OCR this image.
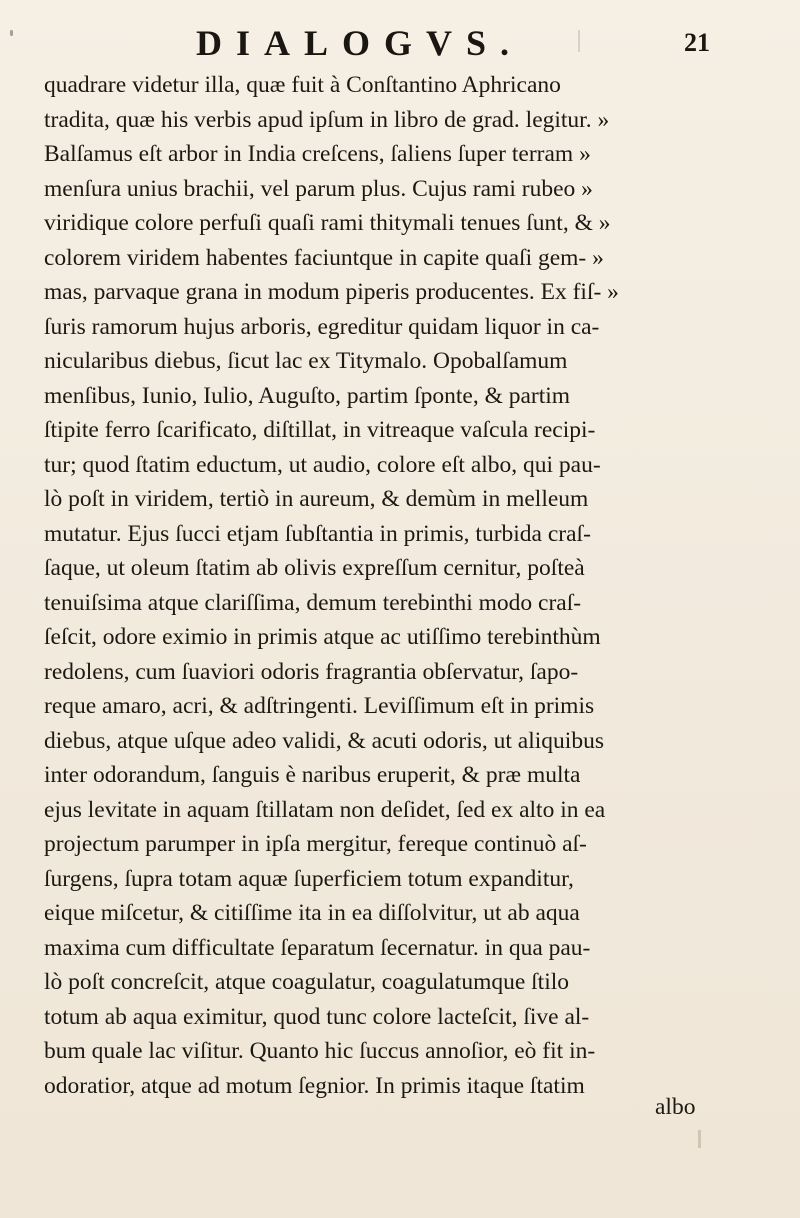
DIALOGVS.	21
quadrare videtur illa, quæ fuit à Conſtantino Aphricano
tradita, quæ his verbis apud ipſum in libro de grad. legitur. »
Balſamus eſt arbor in India creſcens, ſaliens ſuper terram »
menſura unius brachii, vel parum plus. Cujus rami rubeo »
viridique colore perfuſi quaſi rami thitymali tenues ſunt, & »
colorem viridem habentes faciuntque in capite quaſi gem- »
mas, parvaque grana in modum piperis producentes. Ex fiſ- »
ſuris ramorum hujus arboris, egreditur quidam liquor in ca-
nicularibus diebus, ſicut lac ex Titymalo. Opobalſamum
menſibus, Iunio, Iulio, Auguſto, partim ſponte, & partim
ſtipite ferro ſcarificato, diſtillat, in vitreaque vaſcula recipi-
tur; quod ſtatim eductum, ut audio, colore eſt albo, qui pau-
lò poſt in viridem, tertiò in aureum, & demùm in melleum
mutatur. Ejus ſucci etjam ſubſtantia in primis, turbida craſ-
ſaque, ut oleum ſtatim ab olivis expreſſum cernitur, poſteà
tenuiſsima atque clariſſima, demum terebinthi modo craſ-
ſeſcit, odore eximio in primis atque ac utiſſimo terebinthùm
redolens, cum ſuaviori odoris fragrantia obſervatur, ſapo-
reque amaro, acri, & adſtringenti. Leviſſimum eſt in primis
diebus, atque uſque adeo validi, & acuti odoris, ut aliquibus
inter odorandum, ſanguis è naribus eruperit, & præ multa
ejus levitate in aquam ſtillatam non deſidet, ſed ex alto in ea
projectum parumper in ipſa mergitur, fereque continuò aſ-
ſurgens, ſupra totam aquæ ſuperficiem totum expanditur,
eique miſcetur, & citiſſime ita in ea diſſolvitur, ut ab aqua
maxima cum difficultate ſeparatum ſecernatur. in qua pau-
lò poſt concreſcit, atque coagulatur, coagulatumque ſtilo
totum ab aqua eximitur, quod tunc colore lacteſcit, ſive al-
bum quale lac viſitur. Quanto hic ſuccus annoſior, eò fit in-
odoratior, atque ad motum ſegnior. In primis itaque ſtatim
albo
